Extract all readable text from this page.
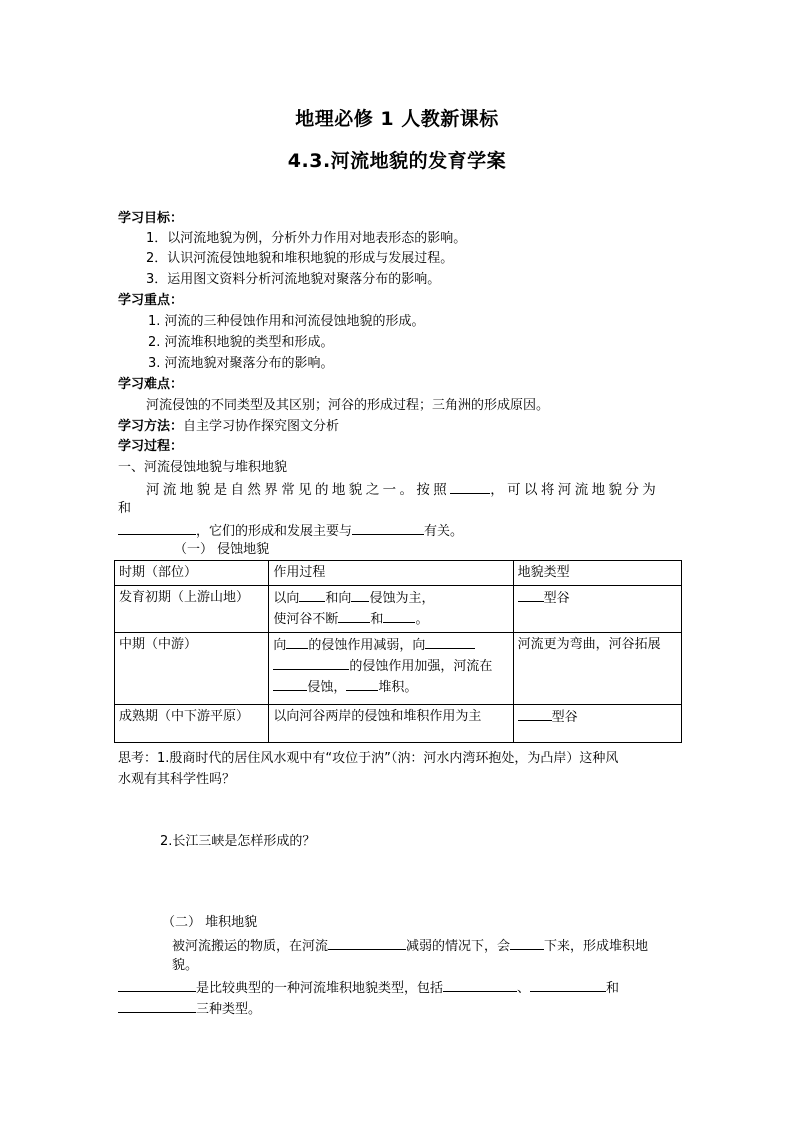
地理必修 1 人教新课标
4.3.河流地貌的发育学案
学习目标：
1．以河流地貌为例，分析外力作用对地表形态的影响。
2．认识河流侵蚀地貌和堆积地貌的形成与发展过程。
3．运用图文资料分析河流地貌对聚落分布的影响。
学习重点：
1. 河流的三种侵蚀作用和河流侵蚀地貌的形成。
2. 河流堆积地貌的类型和形成。
3. 河流地貌对聚落分布的影响。
学习难点：
河流侵蚀的不同类型及其区别；河谷的形成过程；三角洲的形成原因。
学习方法：自主学习协作探究图文分析
学习过程：
一、河流侵蚀地貌与堆积地貌
河流地貌是自然界常见的地貌之一。按照	，可以将河流地貌分为
和
，它们的形成和发展主要与	有关。
（一） 侵蚀地貌
时期（部位）	作用过程	地貌类型
发育初期（上游山地）	以向 和向 侵蚀为主，
使河谷不断 和 。	型谷
中期（中游）	向 的侵蚀作用减弱，向
的侵蚀作用加强，河流在
侵蚀， 堆积。	河流更为弯曲，河谷拓展
成熟期（中下游平原）	以向河谷两岸的侵蚀和堆积作用为主	型谷
思考：1.殷商时代的居住风水观中有“攻位于汭”（汭：河水内湾环抱处，为凸岸）这种风
水观有其科学性吗？
2.长江三峡是怎样形成的？
（二） 堆积地貌
被河流搬运的物质，在河流	减弱的情况下，会	下来，形成堆积地
貌。
是比较典型的一种河流堆积地貌类型，包括	、	和
三种类型。
